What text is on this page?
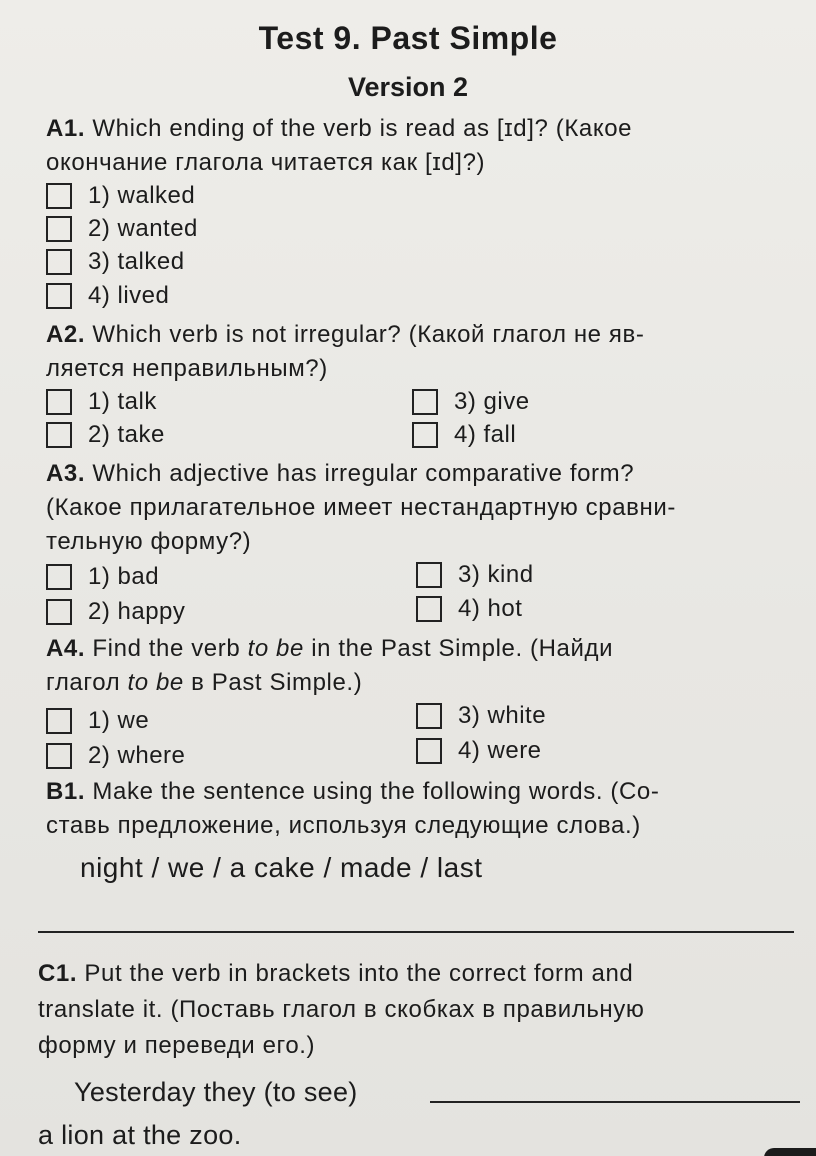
Test 9. Past Simple
Version 2
A1. Which ending of the verb is read as [ɪd]? (Какое
окончание глагола читается как [ɪd]?)
1) walked
2) wanted
3) talked
4) lived
A2. Which verb is not irregular? (Какой глагол не яв-
ляется неправильным?)
1) talk
2) take
3) give
4) fall
A3. Which adjective has irregular comparative form?
(Какое прилагательное имеет нестандартную сравни-
тельную форму?)
1) bad
2) happy
3) kind
4) hot
A4. Find the verb to be in the Past Simple. (Найди
глагол to be в Past Simple.)
1) we
2) where
3) white
4) were
B1. Make the sentence using the following words. (Со-
ставь предложение, используя следующие слова.)
night / we / a cake / made / last
C1. Put the verb in brackets into the correct form and
translate it. (Поставь глагол в скобках в правильную
форму и переведи его.)
Yesterday they (to see)
a lion at the zoo.
